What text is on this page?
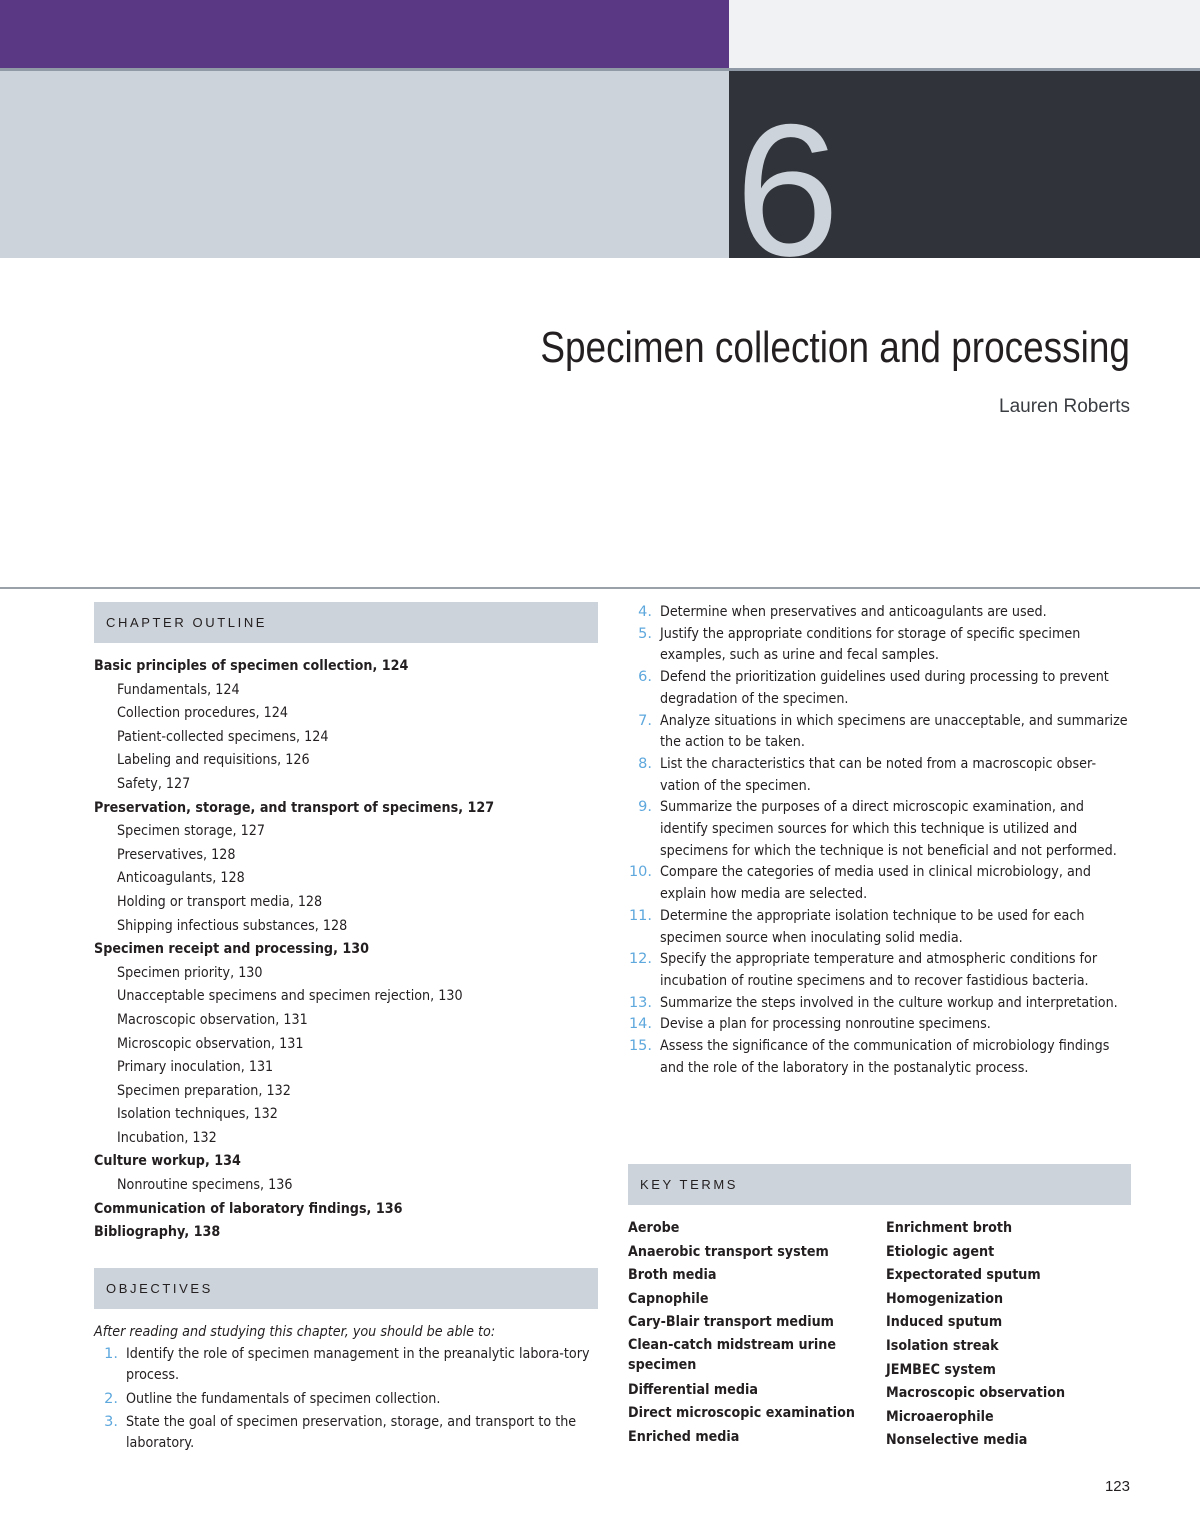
6
Specimen collection and processing
Lauren Roberts
CHAPTER OUTLINE
Basic principles of specimen collection, 124
Fundamentals, 124
Collection procedures, 124
Patient-collected specimens, 124
Labeling and requisitions, 126
Safety, 127
Preservation, storage, and transport of specimens, 127
Specimen storage, 127
Preservatives, 128
Anticoagulants, 128
Holding or transport media, 128
Shipping infectious substances, 128
Specimen receipt and processing, 130
Specimen priority, 130
Unacceptable specimens and specimen rejection, 130
Macroscopic observation, 131
Microscopic observation, 131
Primary inoculation, 131
Specimen preparation, 132
Isolation techniques, 132
Incubation, 132
Culture workup, 134
Nonroutine specimens, 136
Communication of laboratory findings, 136
Bibliography, 138
OBJECTIVES
After reading and studying this chapter, you should be able to:
1. Identify the role of specimen management in the preanalytic labora-tory process.
2. Outline the fundamentals of specimen collection.
3. State the goal of specimen preservation, storage, and transport to the laboratory.
4. Determine when preservatives and anticoagulants are used.
5. Justify the appropriate conditions for storage of specific specimen examples, such as urine and fecal samples.
6. Defend the prioritization guidelines used during processing to prevent degradation of the specimen.
7. Analyze situations in which specimens are unacceptable, and summarize the action to be taken.
8. List the characteristics that can be noted from a macroscopic obser-vation of the specimen.
9. Summarize the purposes of a direct microscopic examination, and identify specimen sources for which this technique is utilized and specimens for which the technique is not beneficial and not performed.
10. Compare the categories of media used in clinical microbiology, and explain how media are selected.
11. Determine the appropriate isolation technique to be used for each specimen source when inoculating solid media.
12. Specify the appropriate temperature and atmospheric conditions for incubation of routine specimens and to recover fastidious bacteria.
13. Summarize the steps involved in the culture workup and interpretation.
14. Devise a plan for processing nonroutine specimens.
15. Assess the significance of the communication of microbiology findings and the role of the laboratory in the postanalytic process.
KEY TERMS
Aerobe
Anaerobic transport system
Broth media
Capnophile
Cary-Blair transport medium
Clean-catch midstream urine specimen
Differential media
Direct microscopic examination
Enriched media
Enrichment broth
Etiologic agent
Expectorated sputum
Homogenization
Induced sputum
Isolation streak
JEMBEC system
Macroscopic observation
Microaerophile
Nonselective media
123
